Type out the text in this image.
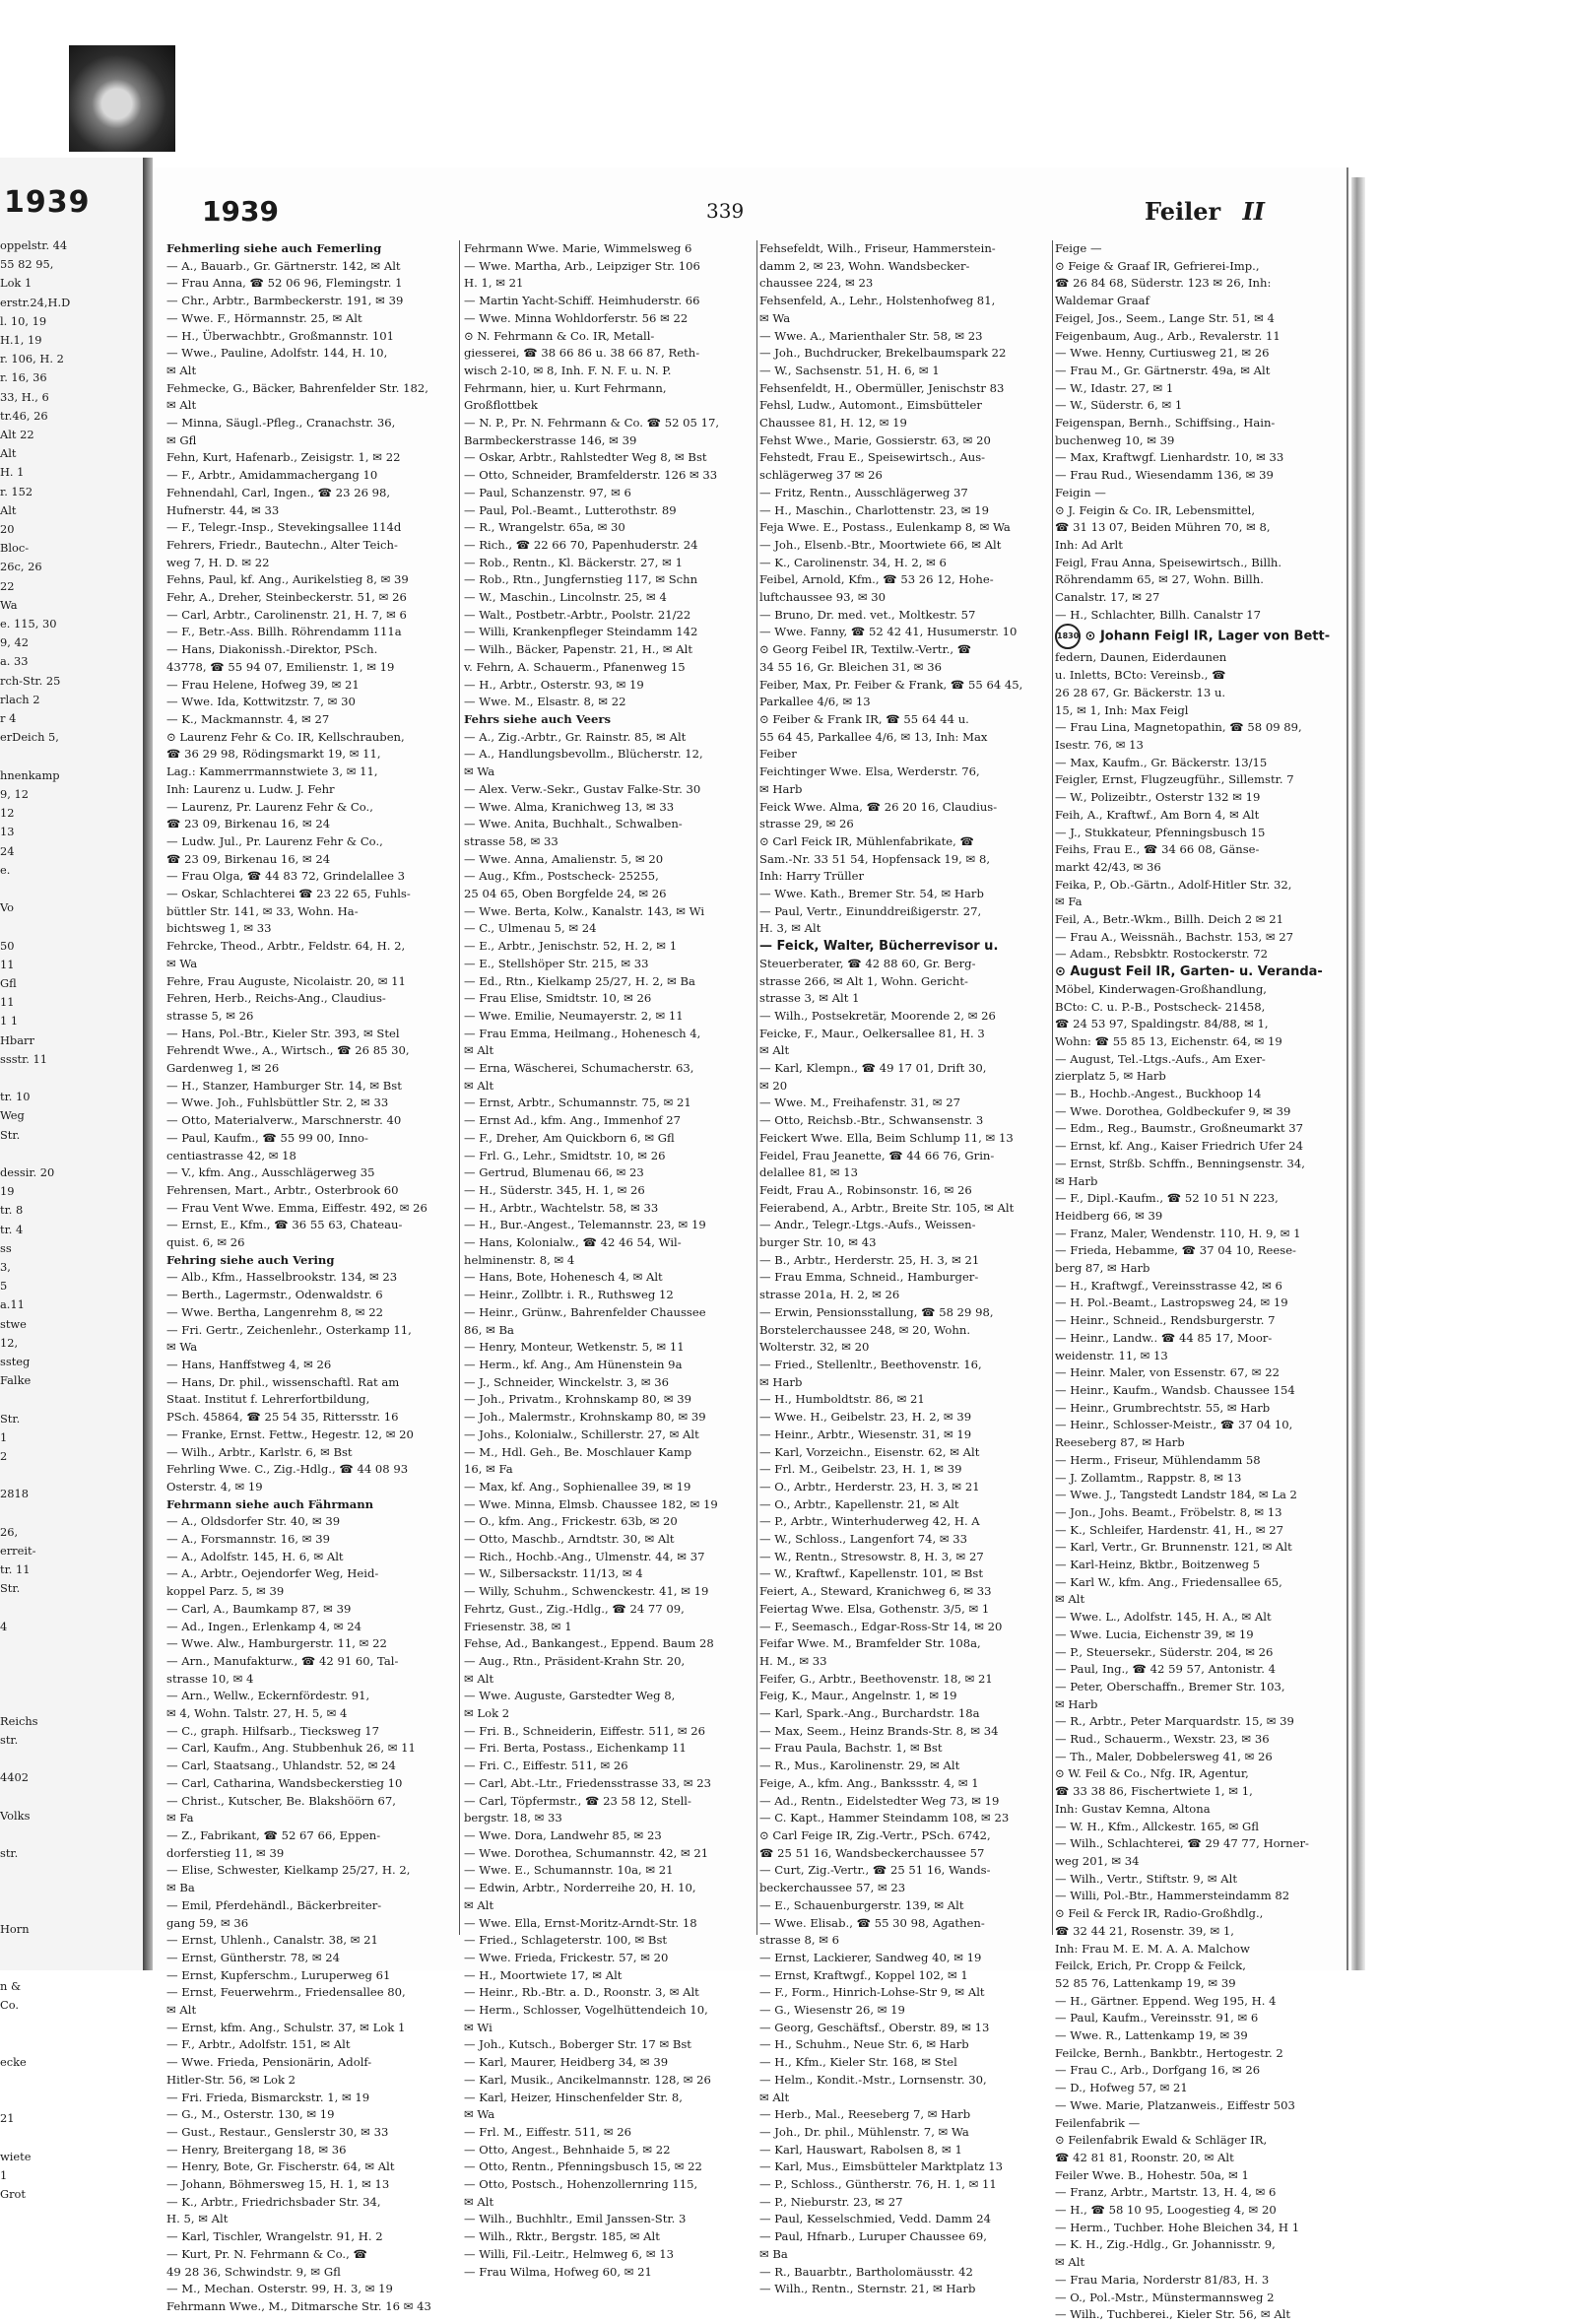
1939
oppelstr. 44
55 82 95,
Lok 1
erstr.24,H.D
l. 10, 19
H.1, 19
r. 106, H. 2
r. 16, 36
33, H., 6
tr.46, 26
Alt 22
Alt
H. 1
r. 152
Alt
20
Bloc-
26c, 26
22
Wa
e. 115, 30
9, 42
a. 33
rch-Str. 25
rlach 2
r 4
erDeich 5,

hnenkamp
9, 12
12
13
24
e.

Vo

50
11
Gfl
11
1 1
Hbarr
ssstr. 11

tr. 10
Weg
Str.

dessir. 20
19
tr. 8
tr. 4
ss
3,
5
a.11
stwe
12,
ssteg
Falke

Str.
1
2

2818

26,
erreit-
tr. 11
Str.

4

Reichs
str.

4402

Volks

str.

Horn

n &
Co.

ecke

21

wiete
1
Grot
1939	339	Feiler II
Fehmerling siehe auch Femerling
— A., Bauarb., Gr. Gärtnerstr. 142, ✉ Alt
— Frau Anna, ☎ 52 06 96, Flemingstr. 1
— Chr., Arbtr., Barmbeckerstr. 191, ✉ 39
— Wwe. F., Hörmannstr. 25, ✉ Alt
— H., Überwachbtr., Großmannstr. 101
— Wwe., Pauline, Adolfstr. 144, H. 10,
✉ Alt
Fehmecke, G., Bäcker, Bahrenfelder Str. 182,
✉ Alt
— Minna, Säugl.-Pfleg., Cranachstr. 36,
✉ Gfl
Fehn, Kurt, Hafenarb., Zeisigstr. 1, ✉ 22
— F., Arbtr., Amidammachergang 10
Fehnendahl, Carl, Ingen., ☎ 23 26 98,
Hufnerstr. 44, ✉ 33
— F., Telegr.-Insp., Stevekingsallee 114d
Fehrers, Friedr., Bautechn., Alter Teich-
weg 7, H. D. ✉ 22
Fehns, Paul, kf. Ang., Aurikelstieg 8, ✉ 39
Fehr, A., Dreher, Steinbeckerstr. 51, ✉ 26
— Carl, Arbtr., Carolinenstr. 21, H. 7, ✉ 6
— F., Betr.-Ass. Billh. Röhrendamm 111a
— Hans, Diakonissh.-Direktor, PSch.
43778, ☎ 55 94 07, Emilienstr. 1, ✉ 19
— Frau Helene, Hofweg 39, ✉ 21
— Wwe. Ida, Kottwitzstr. 7, ✉ 30
— K., Mackmannstr. 4, ✉ 27
⊙ Laurenz Fehr & Co. IR, Kellschrauben,
☎ 36 29 98, Rödingsmarkt 19, ✉ 11,
Lag.: Kammerrmannstwiete 3, ✉ 11,
Inh: Laurenz u. Ludw. J. Fehr
— Laurenz, Pr. Laurenz Fehr & Co.,
☎ 23 09, Birkenau 16, ✉ 24
— Ludw. Jul., Pr. Laurenz Fehr & Co.,
☎ 23 09, Birkenau 16, ✉ 24
— Frau Olga, ☎ 44 83 72, Grindelallee 3
— Oskar, Schlachterei ☎ 23 22 65, Fuhls-
büttler Str. 141, ✉ 33, Wohn. Ha-
bichtsweg 1, ✉ 33
Fehrcke, Theod., Arbtr., Feldstr. 64, H. 2,
✉ Wa
Fehre, Frau Auguste, Nicolaistr. 20, ✉ 11
Fehren, Herb., Reichs-Ang., Claudius-
strasse 5, ✉ 26
— Hans, Pol.-Btr., Kieler Str. 393, ✉ Stel
Fehrendt Wwe., A., Wirtsch., ☎ 26 85 30,
Gardenweg 1, ✉ 26
— H., Stanzer, Hamburger Str. 14, ✉ Bst
— Wwe. Joh., Fuhlsbüttler Str. 2, ✉ 33
— Otto, Materialverw., Marschnerstr. 40
— Paul, Kaufm., ☎ 55 99 00, Inno-
centiastrasse 42, ✉ 18
— V., kfm. Ang., Ausschlägerweg 35
Fehrensen, Mart., Arbtr., Osterbrook 60
— Frau Vent Wwe. Emma, Eiffestr. 492, ✉ 26
— Ernst, E., Kfm., ☎ 36 55 63, Chateau-
quist. 6, ✉ 26
Fehring siehe auch Vering
— Alb., Kfm., Hasselbrookstr. 134, ✉ 23
— Berth., Lagermstr., Odenwaldstr. 6
— Wwe. Bertha, Langenrehm 8, ✉ 22
— Fri. Gertr., Zeichenlehr., Osterkamp 11,
✉ Wa
— Hans, Hanffstweg 4, ✉ 26
— Hans, Dr. phil., wissenschaftl. Rat am
Staat. Institut f. Lehrerfortbildung,
PSch. 45864, ☎ 25 54 35, Rittersstr. 16
— Franke, Ernst. Fettw., Hegestr. 12, ✉ 20
— Wilh., Arbtr., Karlstr. 6, ✉ Bst
Fehrling Wwe. C., Zig.-Hdlg., ☎ 44 08 93
Osterstr. 4, ✉ 19
Fehrmann siehe auch Fährmann
— A., Oldsdorfer Str. 40, ✉ 39
— A., Forsmannstr. 16, ✉ 39
— A., Adolfstr. 145, H. 6, ✉ Alt
— A., Arbtr., Oejendorfer Weg, Heid-
koppel Parz. 5, ✉ 39
— Carl, A., Baumkamp 87, ✉ 39
— Ad., Ingen., Erlenkamp 4, ✉ 24
— Wwe. Alw., Hamburgerstr. 11, ✉ 22
— Arn., Manufakturw., ☎ 42 91 60, Tal-
strasse 10, ✉ 4
— Arn., Wellw., Eckernfördestr. 91,
✉ 4, Wohn. Talstr. 27, H. 5, ✉ 4
— C., graph. Hilfsarb., Tiecksweg 17
— Carl, Kaufm., Ang. Stubbenhuk 26, ✉ 11
— Carl, Staatsang., Uhlandstr. 52, ✉ 24
— Carl, Catharina, Wandsbeckerstieg 10
— Christ., Kutscher, Be. Blakshöörn 67,
✉ Fa
— Z., Fabrikant, ☎ 52 67 66, Eppen-
dorferstieg 11, ✉ 39
— Elise, Schwester, Kielkamp 25/27, H. 2,
✉ Ba
— Emil, Pferdehändl., Bäckerbreiter-
gang 59, ✉ 36
— Ernst, Uhlenh., Canalstr. 38, ✉ 21
— Ernst, Güntherstr. 78, ✉ 24
— Ernst, Kupferschm., Luruperweg 61
— Ernst, Feuerwehrm., Friedensallee 80,
✉ Alt
— Ernst, kfm. Ang., Schulstr. 37, ✉ Lok 1
— F., Arbtr., Adolfstr. 151, ✉ Alt
— Wwe. Frieda, Pensionärin, Adolf-
Hitler-Str. 56, ✉ Lok 2
— Fri. Frieda, Bismarckstr. 1, ✉ 19
— G., M., Osterstr. 130, ✉ 19
— Gust., Restaur., Genslerstr 30, ✉ 33
— Henry, Breitergang 18, ✉ 36
— Henry, Bote, Gr. Fischerstr. 64, ✉ Alt
— Johann, Böhmersweg 15, H. 1, ✉ 13
— K., Arbtr., Friedrichsbader Str. 34,
H. 5, ✉ Alt
— Karl, Tischler, Wrangelstr. 91, H. 2
— Kurt, Pr. N. Fehrmann & Co., ☎
49 28 36, Schwindstr. 9, ✉ Gfl
— M., Mechan. Osterstr. 99, H. 3, ✉ 19
Fehrmann Wwe., M., Ditmarsche Str. 16 ✉ 43
Fehrmann Wwe. Marie, Wimmelsweg 6
— Wwe. Martha, Arb., Leipziger Str. 106
H. 1, ✉ 21
— Martin Yacht-Schiff. Heimhuderstr. 66
— Wwe. Minna Wohldorferstr. 56 ✉ 22
⊙ N. Fehrmann & Co. IR, Metall-
giesserei, ☎ 38 66 86 u. 38 66 87, Reth-
wisch 2-10, ✉ 8, Inh. F. N. F. u. N. P.
Fehrmann, hier, u. Kurt Fehrmann,
Großflottbek
— N. P., Pr. N. Fehrmann & Co. ☎ 52 05 17,
Barmbeckerstrasse 146, ✉ 39
— Oskar, Arbtr., Rahlstedter Weg 8, ✉ Bst
— Otto, Schneider, Bramfelderstr. 126 ✉ 33
— Paul, Schanzenstr. 97, ✉ 6
— Paul, Pol.-Beamt., Lutterothstr. 89
— R., Wrangelstr. 65a, ✉ 30
— Rich., ☎ 22 66 70, Papenhuderstr. 24
— Rob., Rentn., Kl. Bäckerstr. 27, ✉ 1
— Rob., Rtn., Jungfernstieg 117, ✉ Schn
— W., Maschin., Lincolnstr. 25, ✉ 4
— Walt., Postbetr.-Arbtr., Poolstr. 21/22
— Willi, Krankenpfleger Steindamm 142
— Wilh., Bäcker, Papenstr. 21, H., ✉ Alt
v. Fehrn, A. Schauerm., Pfanenweg 15
— H., Arbtr., Osterstr. 93, ✉ 19
— Wwe. M., Elsastr. 8, ✉ 22
Fehrs siehe auch Veers
— A., Zig.-Arbtr., Gr. Rainstr. 85, ✉ Alt
— A., Handlungsbevollm., Blücherstr. 12,
✉ Wa
— Alex. Verw.-Sekr., Gustav Falke-Str. 30
— Wwe. Alma, Kranichweg 13, ✉ 33
— Wwe. Anita, Buchhalt., Schwalben-
strasse 58, ✉ 33
— Wwe. Anna, Amalienstr. 5, ✉ 20
— Aug., Kfm., Postscheck- 25255,
25 04 65, Oben Borgfelde 24, ✉ 26
— Wwe. Berta, Kolw., Kanalstr. 143, ✉ Wi
— C., Ulmenau 5, ✉ 24
— E., Arbtr., Jenischstr. 52, H. 2, ✉ 1
— E., Stellshöper Str. 215, ✉ 33
— Ed., Rtn., Kielkamp 25/27, H. 2, ✉ Ba
— Frau Elise, Smidtstr. 10, ✉ 26
— Wwe. Emilie, Neumayerstr. 2, ✉ 11
— Frau Emma, Heilmang., Hohenesch 4,
✉ Alt
— Erna, Wäscherei, Schumacherstr. 63,
✉ Alt
— Ernst, Arbtr., Schumannstr. 75, ✉ 21
— Ernst Ad., kfm. Ang., Immenhof 27
— F., Dreher, Am Quickborn 6, ✉ Gfl
— Frl. G., Lehr., Smidtstr. 10, ✉ 26
— Gertrud, Blumenau 66, ✉ 23
— H., Süderstr. 345, H. 1, ✉ 26
— H., Arbtr., Wachtelstr. 58, ✉ 33
— H., Bur.-Angest., Telemannstr. 23, ✉ 19
— Hans, Kolonialw., ☎ 42 46 54, Wil-
helminenstr. 8, ✉ 4
— Hans, Bote, Hohenesch 4, ✉ Alt
— Heinr., Zollbtr. i. R., Ruthsweg 12
— Heinr., Grünw., Bahrenfelder Chaussee
86, ✉ Ba
— Henry, Monteur, Wetkenstr. 5, ✉ 11
— Herm., kf. Ang., Am Hünenstein 9a
— J., Schneider, Winckelstr. 3, ✉ 36
— Joh., Privatm., Krohnskamp 80, ✉ 39
— Joh., Malermstr., Krohnskamp 80, ✉ 39
— Johs., Kolonialw., Schillerstr. 27, ✉ Alt
— M., Hdl. Geh., Be. Moschlauer Kamp
16, ✉ Fa
— Max, kf. Ang., Sophienallee 39, ✉ 19
— Wwe. Minna, Elmsb. Chaussee 182, ✉ 19
— O., kfm. Ang., Frickestr. 63b, ✉ 20
— Otto, Maschb., Arndtstr. 30, ✉ Alt
— Rich., Hochb.-Ang., Ulmenstr. 44, ✉ 37
— W., Silbersackstr. 11/13, ✉ 4
— Willy, Schuhm., Schwenckestr. 41, ✉ 19
Fehrtz, Gust., Zig.-Hdlg., ☎ 24 77 09,
Friesenstr. 38, ✉ 1
Fehse, Ad., Bankangest., Eppend. Baum 28
— Aug., Rtn., Präsident-Krahn Str. 20,
✉ Alt
— Wwe. Auguste, Garstedter Weg 8,
✉ Lok 2
— Fri. B., Schneiderin, Eiffestr. 511, ✉ 26
— Fri. Berta, Postass., Eichenkamp 11
— Fri. C., Eiffestr. 511, ✉ 26
— Carl, Abt.-Ltr., Friedensstrasse 33, ✉ 23
— Carl, Töpfermstr., ☎ 23 58 12, Stell-
bergstr. 18, ✉ 33
— Wwe. Dora, Landwehr 85, ✉ 23
— Wwe. Dorothea, Schumannstr. 42, ✉ 21
— Wwe. E., Schumannstr. 10a, ✉ 21
— Edwin, Arbtr., Norderreihe 20, H. 10,
✉ Alt
— Wwe. Ella, Ernst-Moritz-Arndt-Str. 18
— Fried., Schlageterstr. 100, ✉ Bst
— Wwe. Frieda, Frickestr. 57, ✉ 20
— H., Moortwiete 17, ✉ Alt
— Heinr., Rb.-Btr. a. D., Roonstr. 3, ✉ Alt
— Herm., Schlosser, Vogelhüttendeich 10,
✉ Wi
— Joh., Kutsch., Boberger Str. 17 ✉ Bst
— Karl, Maurer, Heidberg 34, ✉ 39
— Karl, Musik., Ancikelmannstr. 128, ✉ 26
— Karl, Heizer, Hinschenfelder Str. 8,
✉ Wa
— Frl. M., Eiffestr. 511, ✉ 26
— Otto, Angest., Behnhaide 5, ✉ 22
— Otto, Rentn., Pfenningsbusch 15, ✉ 22
— Otto, Postsch., Hohenzollernring 115,
✉ Alt
— Wilh., Buchhltr., Emil Janssen-Str. 3
— Wilh., Rktr., Bergstr. 185, ✉ Alt
— Willi, Fil.-Leitr., Helmweg 6, ✉ 13
— Frau Wilma, Hofweg 60, ✉ 21
Fehsefeldt, Wilh., Friseur, Hammerstein-
damm 2, ✉ 23, Wohn. Wandsbecker-
chaussee 224, ✉ 23
Fehsenfeld, A., Lehr., Holstenhofweg 81,
✉ Wa
— Wwe. A., Marienthaler Str. 58, ✉ 23
— Joh., Buchdrucker, Brekelbaumspark 22
— W., Sachsenstr. 51, H. 6, ✉ 1
Fehsenfeldt, H., Obermüller, Jenischstr 83
Fehsl, Ludw., Automont., Eimsbütteler
Chaussee 81, H. 12, ✉ 19
Fehst Wwe., Marie, Gossierstr. 63, ✉ 20
Fehstedt, Frau E., Speisewirtsch., Aus-
schlägerweg 37 ✉ 26
— Fritz, Rentn., Ausschlägerweg 37
— H., Maschin., Charlottenstr. 23, ✉ 19
Feja Wwe. E., Postass., Eulenkamp 8, ✉ Wa
— Joh., Elsenb.-Btr., Moortwiete 66, ✉ Alt
— K., Carolinenstr. 34, H. 2, ✉ 6
Feibel, Arnold, Kfm., ☎ 53 26 12, Hohe-
luftchaussee 93, ✉ 30
— Bruno, Dr. med. vet., Moltkestr. 57
— Wwe. Fanny, ☎ 52 42 41, Husumerstr. 10
⊙ Georg Feibel IR, Textilw.-Vertr., ☎
34 55 16, Gr. Bleichen 31, ✉ 36
Feiber, Max, Pr. Feiber & Frank, ☎ 55 64 45,
Parkallee 4/6, ✉ 13
⊙ Feiber & Frank IR, ☎ 55 64 44 u.
55 64 45, Parkallee 4/6, ✉ 13, Inh: Max
Feiber
Feichtinger Wwe. Elsa, Werderstr. 76,
✉ Harb
Feick Wwe. Alma, ☎ 26 20 16, Claudius-
strasse 29, ✉ 26
⊙ Carl Feick IR, Mühlenfabrikate, ☎
Sam.-Nr. 33 51 54, Hopfensack 19, ✉ 8,
Inh: Harry Trüller
— Wwe. Kath., Bremer Str. 54, ✉ Harb
— Paul, Vertr., Einunddreißigerstr. 27,
H. 3, ✉ Alt
— Feick, Walter, Bücherrevisor u.
Steuerberater, ☎ 42 88 60, Gr. Berg-
strasse 266, ✉ Alt 1, Wohn. Gericht-
strasse 3, ✉ Alt 1
— Wilh., Postsekretär, Moorende 2, ✉ 26
Feicke, F., Maur., Oelkersallee 81, H. 3
✉ Alt
— Karl, Klempn., ☎ 49 17 01, Drift 30,
✉ 20
— Wwe. M., Freihafenstr. 31, ✉ 27
— Otto, Reichsb.-Btr., Schwansenstr. 3
Feickert Wwe. Ella, Beim Schlump 11, ✉ 13
Feidel, Frau Jeanette, ☎ 44 66 76, Grin-
delallee 81, ✉ 13
Feidt, Frau A., Robinsonstr. 16, ✉ 26
Feierabend, A., Arbtr., Breite Str. 105, ✉ Alt
— Andr., Telegr.-Ltgs.-Aufs., Weissen-
burger Str. 10, ✉ 43
— B., Arbtr., Herderstr. 25, H. 3, ✉ 21
— Frau Emma, Schneid., Hamburger-
strasse 201a, H. 2, ✉ 26
— Erwin, Pensionsstallung, ☎ 58 29 98,
Borstelerchaussee 248, ✉ 20, Wohn.
Wolterstr. 32, ✉ 20
— Fried., Stellenltr., Beethovenstr. 16,
✉ Harb
— H., Humboldtstr. 86, ✉ 21
— Wwe. H., Geibelstr. 23, H. 2, ✉ 39
— Heinr., Arbtr., Wiesenstr. 31, ✉ 19
— Karl, Vorzeichn., Eisenstr. 62, ✉ Alt
— Frl. M., Geibelstr. 23, H. 1, ✉ 39
— O., Arbtr., Herderstr. 23, H. 3, ✉ 21
— O., Arbtr., Kapellenstr. 21, ✉ Alt
— P., Arbtr., Winterhuderweg 42, H. A
— W., Schloss., Langenfort 74, ✉ 33
— W., Rentn., Stresowstr. 8, H. 3, ✉ 27
— W., Kraftwf., Kapellenstr. 101, ✉ Bst
Feiert, A., Steward, Kranichweg 6, ✉ 33
Feiertag Wwe. Elsa, Gothenstr. 3/5, ✉ 1
— F., Seemasch., Edgar-Ross-Str 14, ✉ 20
Feifar Wwe. M., Bramfelder Str. 108a,
H. M., ✉ 33
Feifer, G., Arbtr., Beethovenstr. 18, ✉ 21
Feig, K., Maur., Angelnstr. 1, ✉ 19
— Karl, Spark.-Ang., Burchardstr. 18a
— Max, Seem., Heinz Brands-Str. 8, ✉ 34
— Frau Paula, Bachstr. 1, ✉ Bst
— R., Mus., Karolinenstr. 29, ✉ Alt
Feige, A., kfm. Ang., Bankssstr. 4, ✉ 1
— Ad., Rentn., Eidelstedter Weg 73, ✉ 19
— C. Kapt., Hammer Steindamm 108, ✉ 23
⊙ Carl Feige IR, Zig.-Vertr., PSch. 6742,
☎ 25 51 16, Wandsbeckerchaussee 57
— Curt, Zig.-Vertr., ☎ 25 51 16, Wands-
beckerchaussee 57, ✉ 23
— E., Schauenburgerstr. 139, ✉ Alt
— Wwe. Elisab., ☎ 55 30 98, Agathen-
strasse 8, ✉ 6
— Ernst, Lackierer, Sandweg 40, ✉ 19
— Ernst, Kraftwgf., Koppel 102, ✉ 1
— F., Form., Hinrich-Lohse-Str 9, ✉ Alt
— G., Wiesenstr 26, ✉ 19
— Georg, Geschäftsf., Oberstr. 89, ✉ 13
— H., Schuhm., Neue Str. 6, ✉ Harb
— H., Kfm., Kieler Str. 168, ✉ Stel
— Helm., Kondit.-Mstr., Lornsenstr. 30,
✉ Alt
— Herb., Mal., Reeseberg 7, ✉ Harb
— Joh., Dr. phil., Mühlenstr. 7, ✉ Wa
— Karl, Hauswart, Rabolsen 8, ✉ 1
— Karl, Mus., Eimsbütteler Marktplatz 13
— P., Schloss., Güntherstr. 76, H. 1, ✉ 11
— P., Nieburstr. 23, ✉ 27
— Paul, Kesselschmied, Vedd. Damm 24
— Paul, Hfnarb., Luruper Chaussee 69,
✉ Ba
— R., Bauarbtr., Bartholomäusstr. 42
— Wilh., Rentn., Sternstr. 21, ✉ Harb
Feige —
⊙ Feige & Graaf IR, Gefrierei-Imp.,
☎ 26 84 68, Süderstr. 123 ✉ 26, Inh:
Waldemar Graaf
Feigel, Jos., Seem., Lange Str. 51, ✉ 4
Feigenbaum, Aug., Arb., Revalerstr. 11
— Wwe. Henny, Curtiusweg 21, ✉ 26
— Frau M., Gr. Gärtnerstr. 49a, ✉ Alt
— W., Idastr. 27, ✉ 1
— W., Süderstr. 6, ✉ 1
Feigenspan, Bernh., Schiffsing., Hain-
buchenweg 10, ✉ 39
— Max, Kraftwgf. Lienhardstr. 10, ✉ 33
— Frau Rud., Wiesendamm 136, ✉ 39
Feigin —
⊙ J. Feigin & Co. IR, Lebensmittel,
☎ 31 13 07, Beiden Mühren 70, ✉ 8,
Inh: Ad Arlt
Feigl, Frau Anna, Speisewirtsch., Billh.
Röhrendamm 65, ✉ 27, Wohn. Billh.
Canalstr. 17, ✉ 27
— H., Schlachter, Billh. Canalstr 17
1830 ⊙ Johann Feigl IR, Lager von Bett-
federn, Daunen, Eiderdaunen
u. Inletts, BCto: Vereinsb., ☎
26 28 67, Gr. Bäckerstr. 13 u.
15, ✉ 1, Inh: Max Feigl
— Frau Lina, Magnetopathin, ☎ 58 09 89,
Isestr. 76, ✉ 13
— Max, Kaufm., Gr. Bäckerstr. 13/15
Feigler, Ernst, Flugzeugführ., Sillemstr. 7
— W., Polizeibtr., Osterstr 132 ✉ 19
Feih, A., Kraftwf., Am Born 4, ✉ Alt
— J., Stukkateur, Pfenningsbusch 15
Feihs, Frau E., ☎ 34 66 08, Gänse-
markt 42/43, ✉ 36
Feika, P., Ob.-Gärtn., Adolf-Hitler Str. 32,
✉ Fa
Feil, A., Betr.-Wkm., Billh. Deich 2 ✉ 21
— Frau A., Weissnäh., Bachstr. 153, ✉ 27
— Adam., Rebsbktr. Rostockerstr. 72
⊙ August Feil IR, Garten- u. Veranda-
Möbel, Kinderwagen-Großhandlung,
BCto: C. u. P.-B., Postscheck- 21458,
☎ 24 53 97, Spaldingstr. 84/88, ✉ 1,
Wohn: ☎ 55 85 13, Eichenstr. 64, ✉ 19
— August, Tel.-Ltgs.-Aufs., Am Exer-
zierplatz 5, ✉ Harb
— B., Hochb.-Angest., Buckhoop 14
— Wwe. Dorothea, Goldbeckufer 9, ✉ 39
— Edm., Reg., Baumstr., Großneumarkt 37
— Ernst, kf. Ang., Kaiser Friedrich Ufer 24
— Ernst, Strßb. Schffn., Benningsenstr. 34,
✉ Harb
— F., Dipl.-Kaufm., ☎ 52 10 51 N 223,
Heidberg 66, ✉ 39
— Franz, Maler, Wendenstr. 110, H. 9, ✉ 1
— Frieda, Hebamme, ☎ 37 04 10, Reese-
berg 87, ✉ Harb
— H., Kraftwgf., Vereinsstrasse 42, ✉ 6
— H. Pol.-Beamt., Lastropsweg 24, ✉ 19
— Heinr., Schneid., Rendsburgerstr. 7
— Heinr., Landw.. ☎ 44 85 17, Moor-
weidenstr. 11, ✉ 13
— Heinr. Maler, von Essenstr. 67, ✉ 22
— Heinr., Kaufm., Wandsb. Chaussee 154
— Heinr., Grumbrechtstr. 55, ✉ Harb
— Heinr., Schlosser-Meistr., ☎ 37 04 10,
Reeseberg 87, ✉ Harb
— Herm., Friseur, Mühlendamm 58
— J. Zollamtm., Rappstr. 8, ✉ 13
— Wwe. J., Tangstedt Landstr 184, ✉ La 2
— Jon., Johs. Beamt., Fröbelstr. 8, ✉ 13
— K., Schleifer, Hardenstr. 41, H., ✉ 27
— Karl, Vertr., Gr. Brunnenstr. 121, ✉ Alt
— Karl-Heinz, Bktbr., Boitzenweg 5
— Karl W., kfm. Ang., Friedensallee 65,
✉ Alt
— Wwe. L., Adolfstr. 145, H. A., ✉ Alt
— Wwe. Lucia, Eichenstr 39, ✉ 19
— P., Steuersekr., Süderstr. 204, ✉ 26
— Paul, Ing., ☎ 42 59 57, Antonistr. 4
— Peter, Oberschaffn., Bremer Str. 103,
✉ Harb
— R., Arbtr., Peter Marquardstr. 15, ✉ 39
— Rud., Schauerm., Wexstr. 23, ✉ 36
— Th., Maler, Dobbelersweg 41, ✉ 26
⊙ W. Feil & Co., Nfg. IR, Agentur,
☎ 33 38 86, Fischertwiete 1, ✉ 1,
Inh: Gustav Kemna, Altona
— W. H., Kfm., Allckestr. 165, ✉ Gfl
— Wilh., Schlachterei, ☎ 29 47 77, Horner-
weg 201, ✉ 34
— Wilh., Vertr., Stiftstr. 9, ✉ Alt
— Willi, Pol.-Btr., Hammersteindamm 82
⊙ Feil & Ferck IR, Radio-Großhdlg.,
☎ 32 44 21, Rosenstr. 39, ✉ 1,
Inh: Frau M. E. M. A. A. Malchow
Feilck, Erich, Pr. Cropp & Feilck,
52 85 76, Lattenkamp 19, ✉ 39
— H., Gärtner. Eppend. Weg 195, H. 4
— Paul, Kaufm., Vereinsstr. 91, ✉ 6
— Wwe. R., Lattenkamp 19, ✉ 39
Feilcke, Bernh., Bankbtr., Hertogestr. 2
— Frau C., Arb., Dorfgang 16, ✉ 26
— D., Hofweg 57, ✉ 21
— Wwe. Marie, Platzanweis., Eiffestr 503
Feilenfabrik —
⊙ Feilenfabrik Ewald & Schläger IR,
☎ 42 81 81, Roonstr. 20, ✉ Alt
Feiler Wwe. B., Hohestr. 50a, ✉ 1
— Franz, Arbtr., Martstr. 13, H. 4, ✉ 6
— H., ☎ 58 10 95, Loogestieg 4, ✉ 20
— Herm., Tuchber. Hohe Bleichen 34, H 1
— K. H., Zig.-Hdlg., Gr. Johannisstr. 9,
✉ Alt
— Frau Maria, Norderstr 81/83, H. 3
— O., Pol.-Mstr., Münstermannsweg 2
— Wilh., Tuchberei., Kieler Str. 56, ✉ Alt
